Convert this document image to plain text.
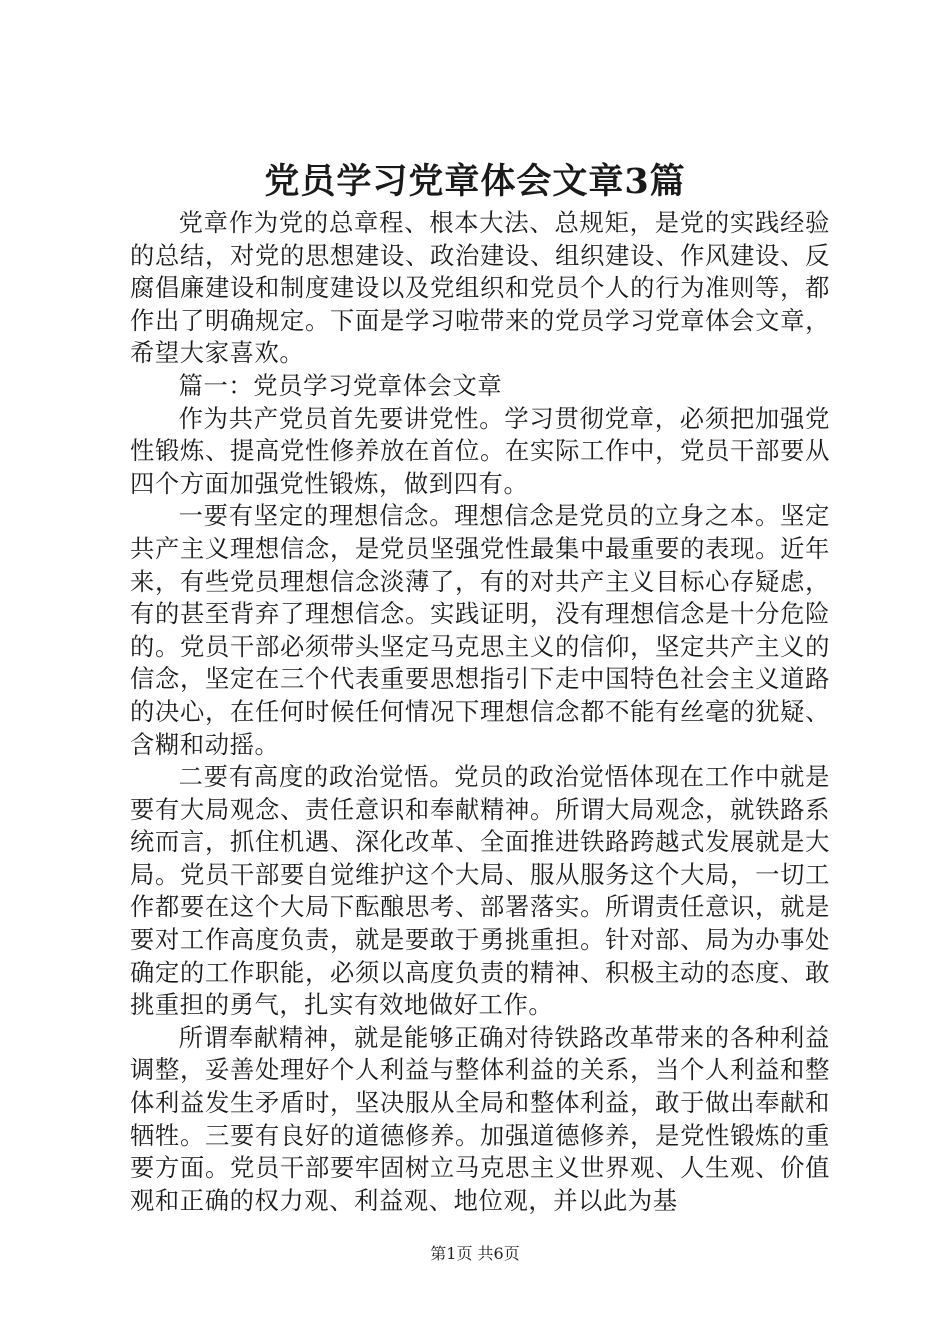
党员学习党章体会文章3篇

党章作为党的总章程、根本大法、总规矩，是党的实践经验的总结，对党的思想建设、政治建设、组织建设、作风建设、反腐倡廉建设和制度建设以及党组织和党员个人的行为准则等，都作出了明确规定。下面是学习啦带来的党员学习党章体会文章，希望大家喜欢。

篇一：党员学习党章体会文章

作为共产党员首先要讲党性。学习贯彻党章，必须把加强党性锻炼、提高党性修养放在首位。在实际工作中，党员干部要从四个方面加强党性锻炼，做到四有。

一要有坚定的理想信念。理想信念是党员的立身之本。坚定共产主义理想信念，是党员坚强党性最集中最重要的表现。近年来，有些党员理想信念淡薄了，有的对共产主义目标心存疑虑，有的甚至背弃了理想信念。实践证明，没有理想信念是十分危险的。党员干部必须带头坚定马克思主义的信仰，坚定共产主义的信念，坚定在三个代表重要思想指引下走中国特色社会主义道路的决心，在任何时候任何情况下理想信念都不能有丝毫的犹疑、含糊和动摇。

二要有高度的政治觉悟。党员的政治觉悟体现在工作中就是要有大局观念、责任意识和奉献精神。所谓大局观念，就铁路系统而言，抓住机遇、深化改革、全面推进铁路跨越式发展就是大局。党员干部要自觉维护这个大局、服从服务这个大局，一切工作都要在这个大局下酝酿思考、部署落实。所谓责任意识，就是要对工作高度负责，就是要敢于勇挑重担。针对部、局为办事处确定的工作职能，必须以高度负责的精神、积极主动的态度、敢挑重担的勇气，扎实有效地做好工作。

所谓奉献精神，就是能够正确对待铁路改革带来的各种利益调整，妥善处理好个人利益与整体利益的关系，当个人利益和整体利益发生矛盾时，坚决服从全局和整体利益，敢于做出奉献和牺牲。三要有良好的道德修养。加强道德修养，是党性锻炼的重要方面。党员干部要牢固树立马克思主义世界观、人生观、价值观和正确的权力观、利益观、地位观，并以此为基

第1页 共6页
